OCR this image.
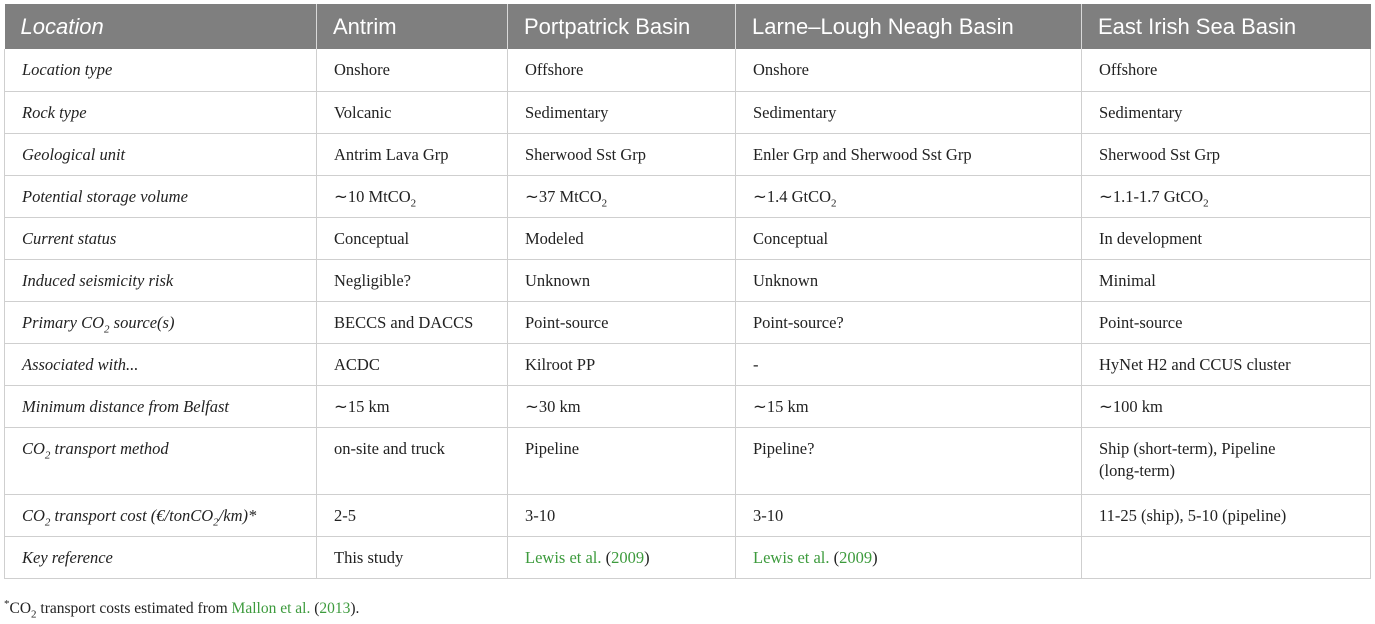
Location	Antrim	Portpatrick Basin	Larne–Lough Neagh Basin	East Irish Sea Basin
Location type	Onshore	Offshore	Onshore	Offshore
Rock type	Volcanic	Sedimentary	Sedimentary	Sedimentary
Geological unit	Antrim Lava Grp	Sherwood Sst Grp	Enler Grp and Sherwood Sst Grp	Sherwood Sst Grp
Potential storage volume	∼10 MtCO$_2$	∼37 MtCO$_2$	∼1.4 GtCO$_2$	∼1.1-1.7 GtCO$_2$
Current status	Conceptual	Modeled	Conceptual	In development
Induced seismicity risk	Negligible?	Unknown	Unknown	Minimal
Primary $CO_2$ source(s)	BECCS and DACCS	Point-source	Point-source?	Point-source
Associated with...	ACDC	Kilroot PP	-	HyNet H2 and CCUS cluster
Minimum distance from Belfast	∼15 km	∼30 km	∼15 km	∼100 km
$CO_2$ transport method	on-site and truck	Pipeline	Pipeline?	Ship (short-term), Pipeline
(long-term)

$CO_2$ transport cost (€/tonCO$_2$/km)*	2-5	3-10	3-10	11-25 (ship), 5-10 (pipeline)
Key reference	This study	Lewis et al. (2009)	Lewis et al. (2009)	
$^*CO_2$ transport costs estimated from Mallon et al. (2013).
